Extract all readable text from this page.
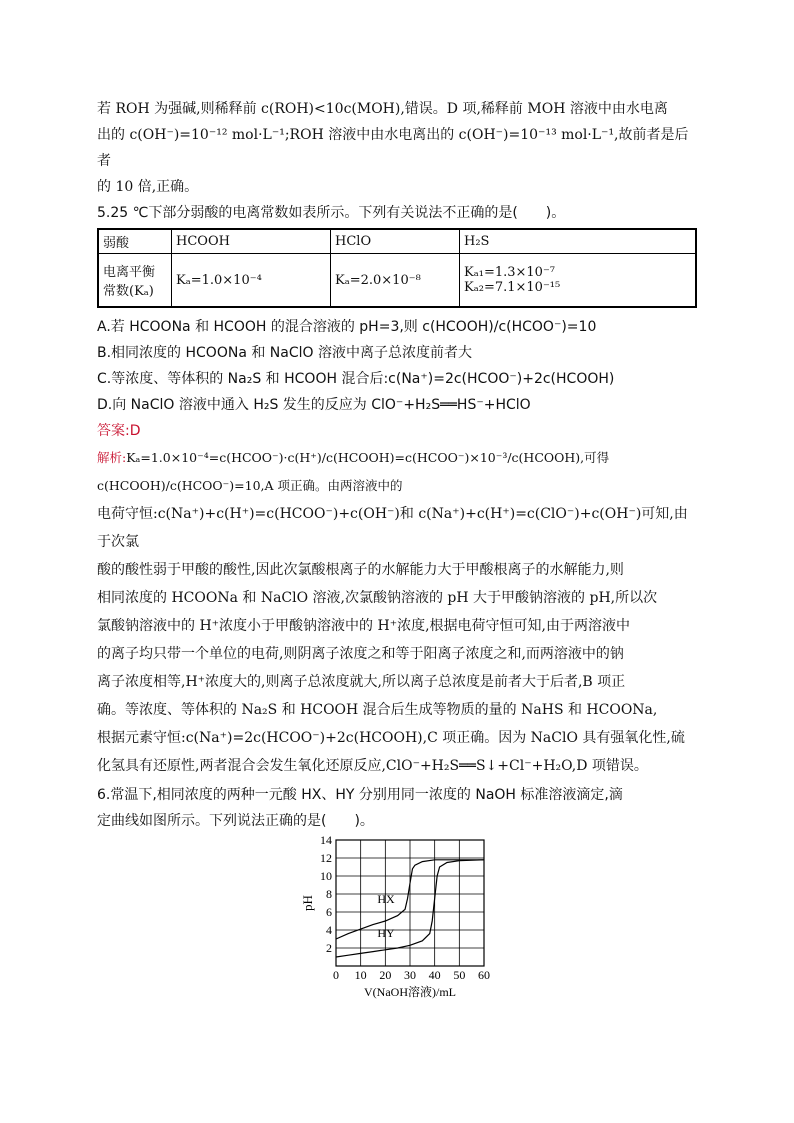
若 ROH 为强碱,则稀释前 c(ROH)<10c(MOH),错误。D 项,稀释前 MOH 溶液中由水电离

出的 c(OH⁻)=10⁻¹² mol·L⁻¹;ROH 溶液中由水电离出的 c(OH⁻)=10⁻¹³ mol·L⁻¹,故前者是后者

的 10 倍,正确。

5.25 ℃下部分弱酸的电离常数如表所示。下列有关说法不正确的是(　　)。

弱酸	HCOOH	HClO	H₂S
电离平衡常数(Kₐ)	Kₐ=1.0×10⁻⁴	Kₐ=2.0×10⁻⁸	Kₐ₁=1.3×10⁻⁷
Kₐ₂=7.1×10⁻¹⁵

A.若 HCOONa 和 HCOOH 的混合溶液的 pH=3,则 c(HCOOH)/c(HCOO⁻)=10

B.相同浓度的 HCOONa 和 NaClO 溶液中离子总浓度前者大

C.等浓度、等体积的 Na₂S 和 HCOOH 混合后:c(Na⁺)=2c(HCOO⁻)+2c(HCOOH)

D.向 NaClO 溶液中通入 H₂S 发生的反应为 ClO⁻+H₂S══HS⁻+HClO

答案:D

解析:Kₐ=1.0×10⁻⁴=c(HCOO⁻)·c(H⁺)/c(HCOOH)=c(HCOO⁻)×10⁻³/c(HCOOH),可得c(HCOOH)/c(HCOO⁻)=10,A 项正确。由两溶液中的

电荷守恒:c(Na⁺)+c(H⁺)=c(HCOO⁻)+c(OH⁻)和 c(Na⁺)+c(H⁺)=c(ClO⁻)+c(OH⁻)可知,由于次氯

酸的酸性弱于甲酸的酸性,因此次氯酸根离子的水解能力大于甲酸根离子的水解能力,则

相同浓度的 HCOONa 和 NaClO 溶液,次氯酸钠溶液的 pH 大于甲酸钠溶液的 pH,所以次

氯酸钠溶液中的 H⁺浓度小于甲酸钠溶液中的 H⁺浓度,根据电荷守恒可知,由于两溶液中

的离子均只带一个单位的电荷,则阴离子浓度之和等于阳离子浓度之和,而两溶液中的钠

离子浓度相等,H⁺浓度大的,则离子总浓度就大,所以离子总浓度是前者大于后者,B 项正

确。等浓度、等体积的 Na₂S 和 HCOOH 混合后生成等物质的量的 NaHS 和 HCOONa,

根据元素守恒:c(Na⁺)=2c(HCOO⁻)+2c(HCOOH),C 项正确。因为 NaClO 具有强氧化性,硫

化氢具有还原性,两者混合会发生氧化还原反应,ClO⁻+H₂S══S↓+Cl⁻+H₂O,D 项错误。

6.常温下,相同浓度的两种一元酸 HX、HY 分别用同一浓度的 NaOH 标准溶液滴定,滴

定曲线如图所示。下列说法正确的是(　　)。

0 10 20 30 40 50 60
2
4
6
8
10
12
14
HX
HY
pH
V(NaOH溶液)/mL
